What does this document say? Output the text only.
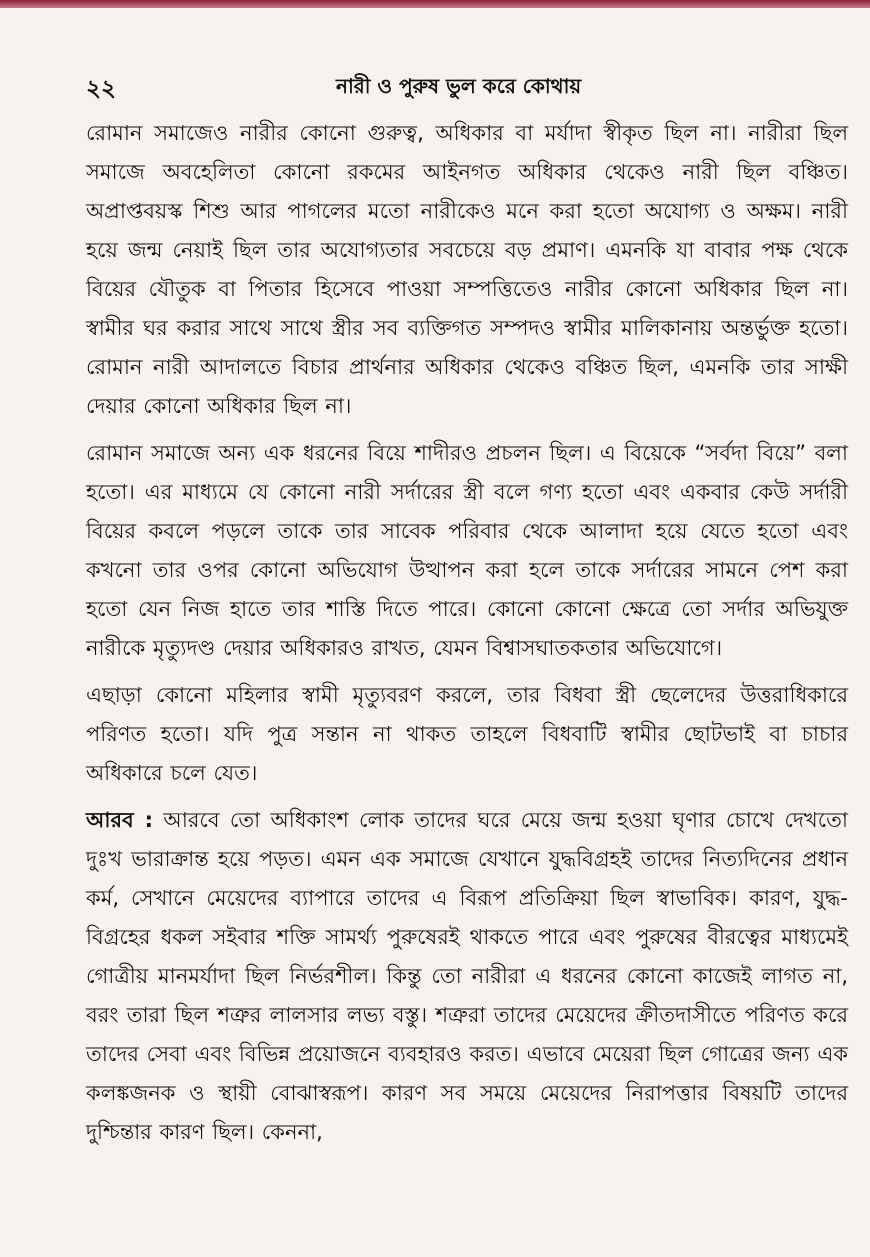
২২	নারী ও পুরুষ ভুল করে কোথায়

রোমান সমাজেও নারীর কোনো গুরুত্ব, অধিকার বা মর্যাদা স্বীকৃত ছিল না। নারীরা ছিল সমাজে অবহেলিতা কোনো রকমের আইনগত অধিকার থেকেও নারী ছিল বঞ্চিত। অপ্রাপ্তবয়স্ক শিশু আর পাগলের মতো নারীকেও মনে করা হতো অযোগ্য ও অক্ষম। নারী হয়ে জন্ম নেয়াই ছিল তার অযোগ্যতার সবচেয়ে বড় প্রমাণ। এমনকি যা বাবার পক্ষ থেকে বিয়ের যৌতুক বা পিতার হিসেবে পাওয়া সম্পত্তিতেও নারীর কোনো অধিকার ছিল না। স্বামীর ঘর করার সাথে সাথে স্ত্রীর সব ব্যক্তিগত সম্পদও স্বামীর মালিকানায় অন্তর্ভুক্ত হতো। রোমান নারী আদালতে বিচার প্রার্থনার অধিকার থেকেও বঞ্চিত ছিল, এমনকি তার সাক্ষী দেয়ার কোনো অধিকার ছিল না।

রোমান সমাজে অন্য এক ধরনের বিয়ে শাদীরও প্রচলন ছিল। এ বিয়েকে “সর্বদা বিয়ে” বলা হতো। এর মাধ্যমে যে কোনো নারী সর্দারের স্ত্রী বলে গণ্য হতো এবং একবার কেউ সর্দারী বিয়ের কবলে পড়লে তাকে তার সাবেক পরিবার থেকে আলাদা হয়ে যেতে হতো এবং কখনো তার ওপর কোনো অভিযোগ উত্থাপন করা হলে তাকে সর্দারের সামনে পেশ করা হতো যেন নিজ হাতে তার শাস্তি দিতে পারে। কোনো কোনো ক্ষেত্রে তো সর্দার অভিযুক্ত নারীকে মৃত্যুদণ্ড দেয়ার অধিকারও রাখত, যেমন বিশ্বাসঘাতকতার অভিযোগে।

এছাড়া কোনো মহিলার স্বামী মৃত্যুবরণ করলে, তার বিধবা স্ত্রী ছেলেদের উত্তরাধিকারে পরিণত হতো। যদি পুত্র সন্তান না থাকত তাহলে বিধবাটি স্বামীর ছোটভাই বা চাচার অধিকারে চলে যেত।

আরব : আরবে তো অধিকাংশ লোক তাদের ঘরে মেয়ে জন্ম হওয়া ঘৃণার চোখে দেখতো দুঃখ ভারাক্রান্ত হয়ে পড়ত। এমন এক সমাজে যেখানে যুদ্ধবিগ্রহই তাদের নিত্যদিনের প্রধান কর্ম, সেখানে মেয়েদের ব্যাপারে তাদের এ বিরূপ প্রতিক্রিয়া ছিল স্বাভাবিক। কারণ, যুদ্ধ-বিগ্রহের ধকল সইবার শক্তি সামর্থ্য পুরুষেরই থাকতে পারে এবং পুরুষের বীরত্বের মাধ্যমেই গোত্রীয় মানমর্যাদা ছিল নির্ভরশীল। কিন্তু তো নারীরা এ ধরনের কোনো কাজেই লাগত না, বরং তারা ছিল শত্রুর লালসার লভ্য বস্তু। শত্রুরা তাদের মেয়েদের ক্রীতদাসীতে পরিণত করে তাদের সেবা এবং বিভিন্ন প্রয়োজনে ব্যবহারও করত। এভাবে মেয়েরা ছিল গোত্রের জন্য এক কলঙ্কজনক ও স্থায়ী বোঝাস্বরূপ। কারণ সব সময়ে মেয়েদের নিরাপত্তার বিষয়টি তাদের দুশ্চিন্তার কারণ ছিল। কেননা,
